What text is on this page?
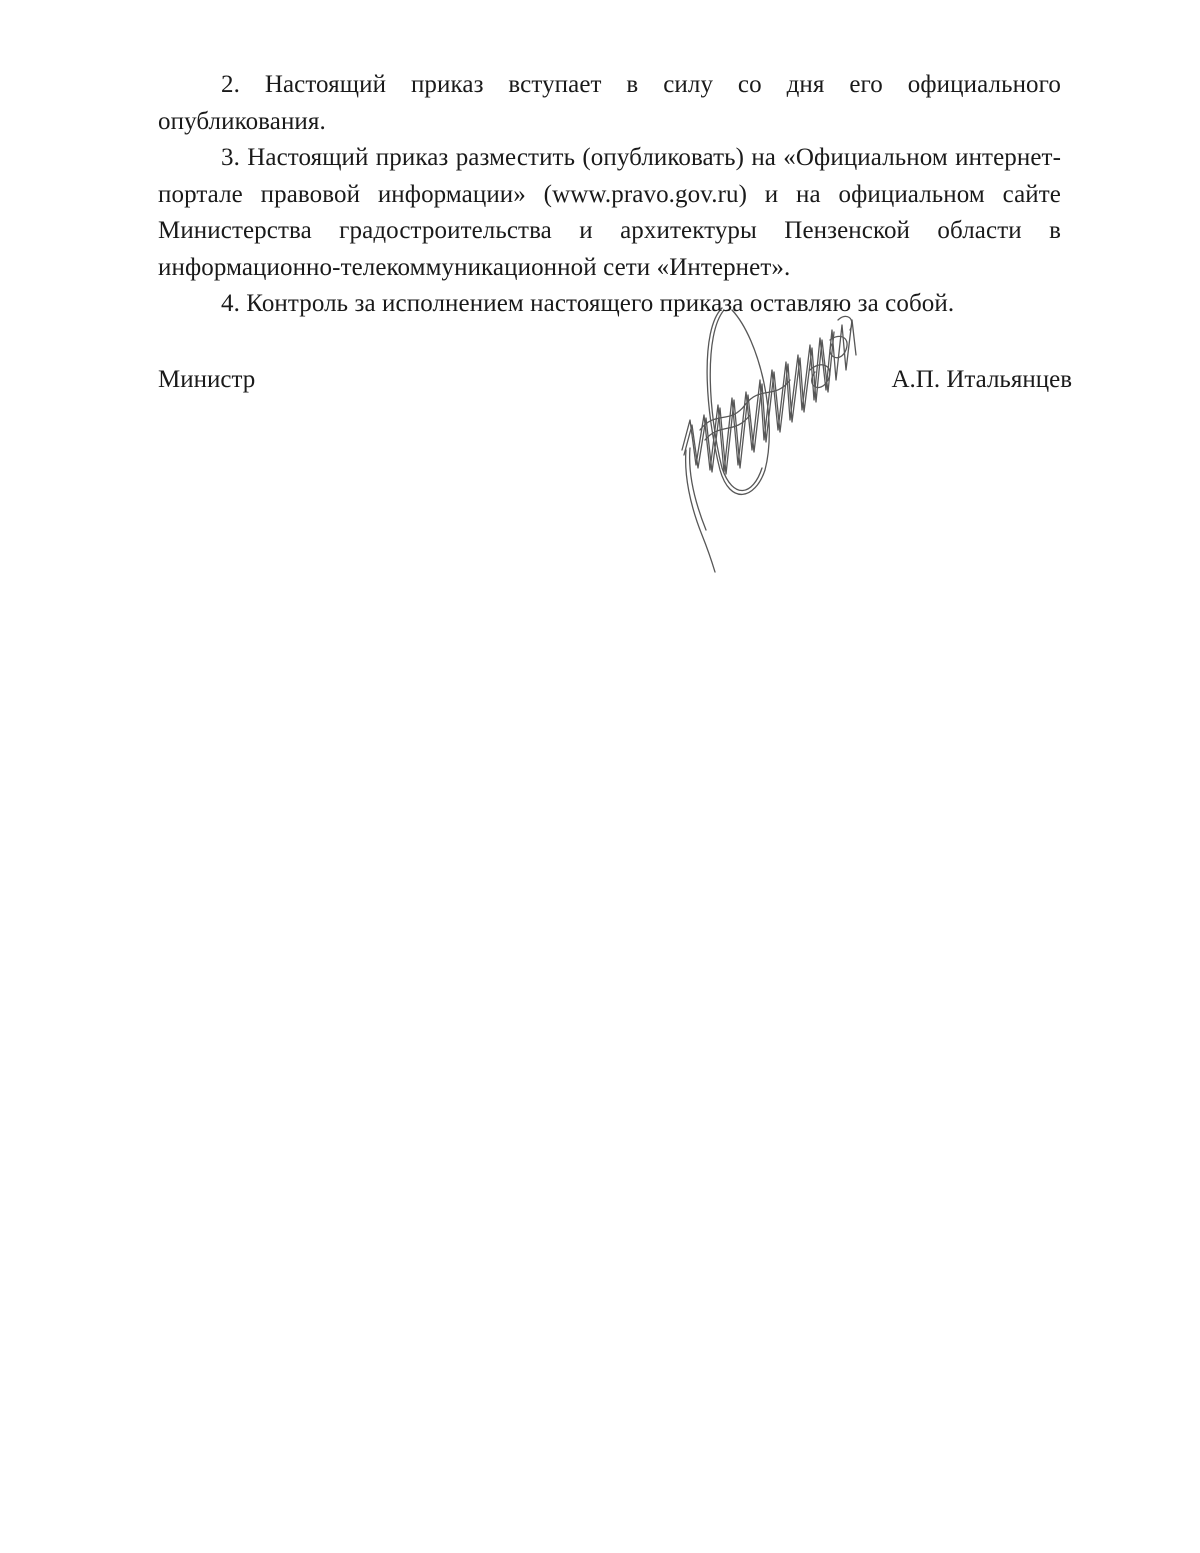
2. Настоящий приказ вступает в силу со дня его официального опубликования.

3. Настоящий приказ разместить (опубликовать) на «Официальном интернет-портале правовой информации» (www.pravo.gov.ru) и на официальном сайте Министерства градостроительства и архитектуры Пензенской области в информационно-телекоммуникационной сети «Интернет».

4. Контроль за исполнением настоящего приказа оставляю за собой.

Министр	А.П. Итальянцев
